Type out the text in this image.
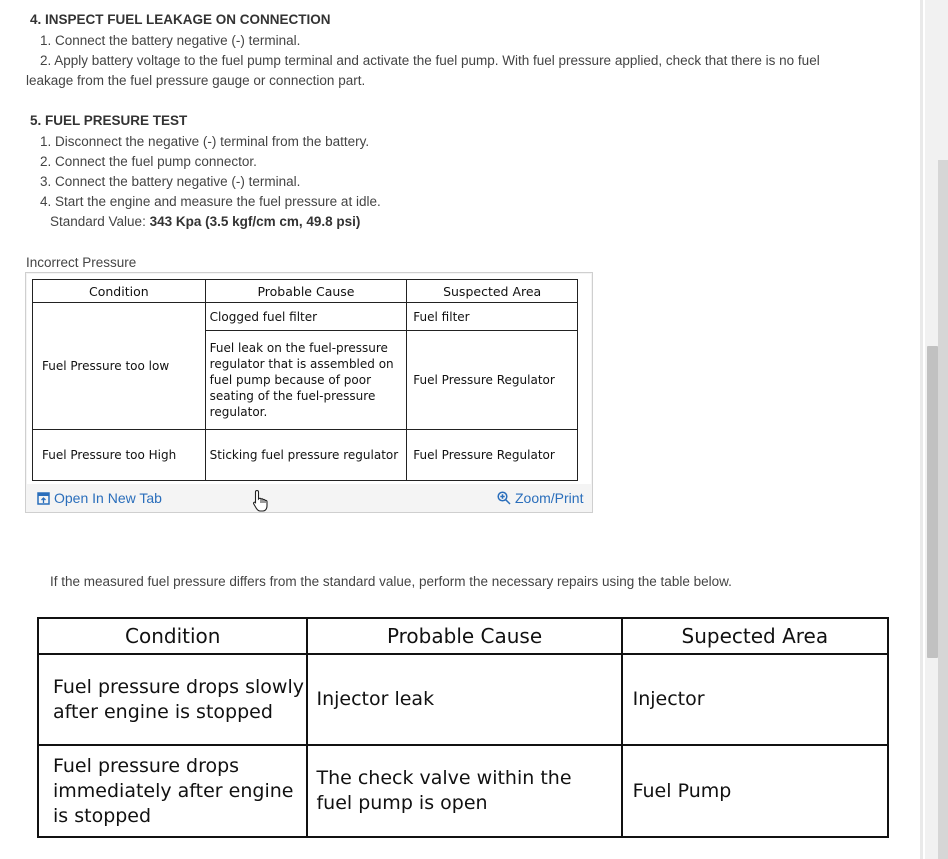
4. INSPECT FUEL LEAKAGE ON CONNECTION
1. Connect the battery negative (-) terminal.
2. Apply battery voltage to the fuel pump terminal and activate the fuel pump. With fuel pressure applied, check that there is no fuel
leakage from the fuel pressure gauge or connection part.
5. FUEL PRESURE TEST
1. Disconnect the negative (-) terminal from the battery.
2. Connect the fuel pump connector.
3. Connect the battery negative (-) terminal.
4. Start the engine and measure the fuel pressure at idle.
Standard Value: 343 Kpa (3.5 kgf/cm cm, 49.8 psi)
Incorrect Pressure
Condition	Probable Cause	Suspected Area
Fuel Pressure too low	Clogged fuel filter	Fuel filter
	Fuel leak on the fuel-pressure regulator that is assembled on fuel pump because of poor seating of the fuel-pressure regulator.	Fuel Pressure Regulator
Fuel Pressure too High	Sticking fuel pressure regulator	Fuel Pressure Regulator
Open In New Tab	Zoom/Print
If the measured fuel pressure differs from the standard value, perform the necessary repairs using the table below.
Condition	Probable Cause	Supected Area
Fuel pressure drops slowly after engine is stopped	Injector leak	Injector
Fuel pressure drops immediately after engine is stopped	The check valve within the fuel pump is open	Fuel Pump
